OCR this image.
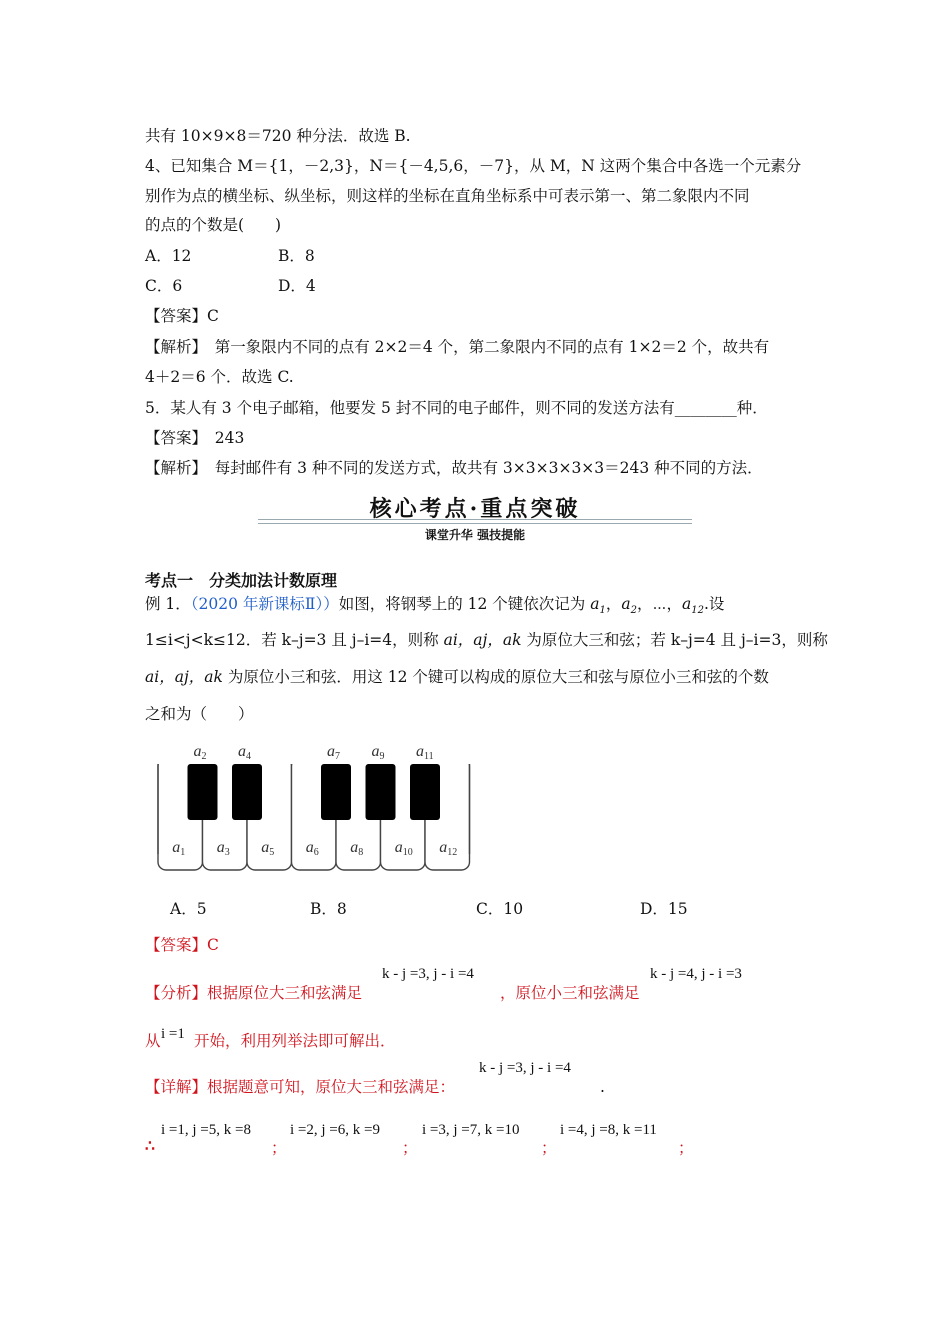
共有 10×9×8＝720 种分法．故选 B.
4、已知集合 M＝{1，－2,3}，N＝{－4,5,6，－7}，从 M，N 这两个集合中各选一个元素分
别作为点的横坐标、纵坐标，则这样的坐标在直角坐标系中可表示第一、第二象限内不同
的点的个数是(　　)
A．12	B．8
C．6	D．4
【答案】C
【解析】　第一象限内不同的点有 2×2＝4 个，第二象限内不同的点有 1×2＝2 个，故共有
4＋2＝6 个．故选 C.
5．某人有 3 个电子邮箱，他要发 5 封不同的电子邮件，则不同的发送方法有________种．
【答案】　243
【解析】　每封邮件有 3 种不同的发送方式，故共有 3×3×3×3×3＝243 种不同的方法．
核心考点·重点突破
课堂升华 强技提能
考点一　分类加法计数原理
例 1．（2020 年新课标Ⅱ））如图，将钢琴上的 12 个键依次记为 $a_1$，$a_2$，⋯，$a_{12}$.设
1≤i<j<k≤12．若 k–j=3 且 j–i=4，则称 ai，aj，ak 为原位大三和弦；若 k–j=4 且 j–i=3，则称
ai，aj，ak 为原位小三和弦．用这 12 个键可以构成的原位大三和弦与原位小三和弦的个数
之和为（　　）
a1 a3 a5 a6 a8 a10 a12
a2 a4	a7 a9 a11
A．5	B．8	C．10	D．15
【答案】C
【分析】根据原位大三和弦满足
k - j =3, j - i =4
，原位小三和弦满足
k - j =4, j - i =3
从 i =1 开始，利用列举法即可解出．
【详解】根据题意可知，原位大三和弦满足：
k - j =3, j - i =4
.
∴
i =1, j =5, k =8
；
i =2, j =6, k =9
；
i =3, j =7, k =10
；
i =4, j =8, k =11
；
